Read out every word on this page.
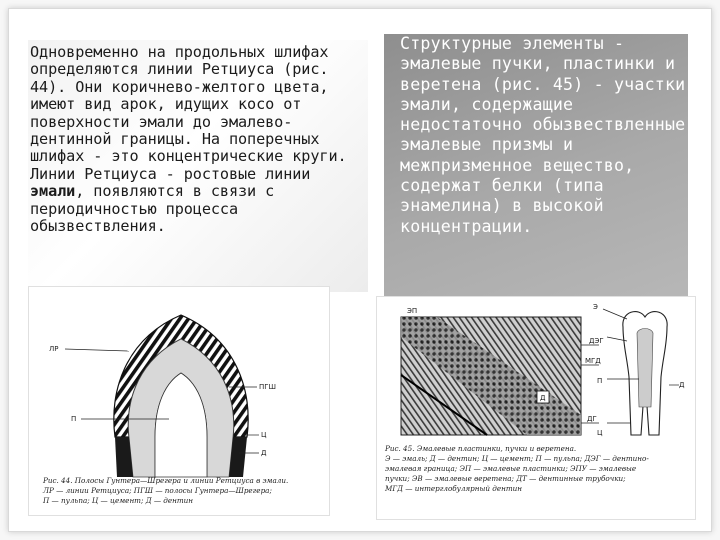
Одновременно на продольных шлифах определяются линии Ретциуса (рис. 44). Они коричнево-желтого цвета, имеют вид арок, идущих косо от поверхности эмали до эмалево-дентинной границы. На поперечных шлифах - это концентрические круги. Линии Ретциуса - ростовые линии эмали, появляются в связи с периодичностью процесса обызвествления.

Структурные элементы - эмалевые пучки, пластинки и веретена (рис. 45) - участки эмали, содержащие недостаточно обызвествленные эмалевые призмы и межпризменное вещество, содержат белки (типа энамелина) в высокой концентрации.

ЛР
ПГШ
П
Ц
Д
Рис. 44. Полосы Гунтера—Шрегера и линии Ретциуса в эмали.
ЛР — линии Ретциуса; ПГШ — полосы Гунтера—Шрегера;
П — пульпа; Ц — цемент; Д — дентин
ЭП
Д
ДЭГ
МГД
ДГ
Э
П	Д
Ц
Рис. 45. Эмалевые пластинки, пучки и веретена.
Э — эмаль; Д — дентин; Ц — цемент; П — пульпа; ДЭГ — дентино-
эмалевая граница; ЭП — эмалевые пластинки; ЭПУ — эмалевые
пучки; ЭВ — эмалевые веретена; ДТ — дентинные трубочки;
МГД — интерглобулярный дентин
